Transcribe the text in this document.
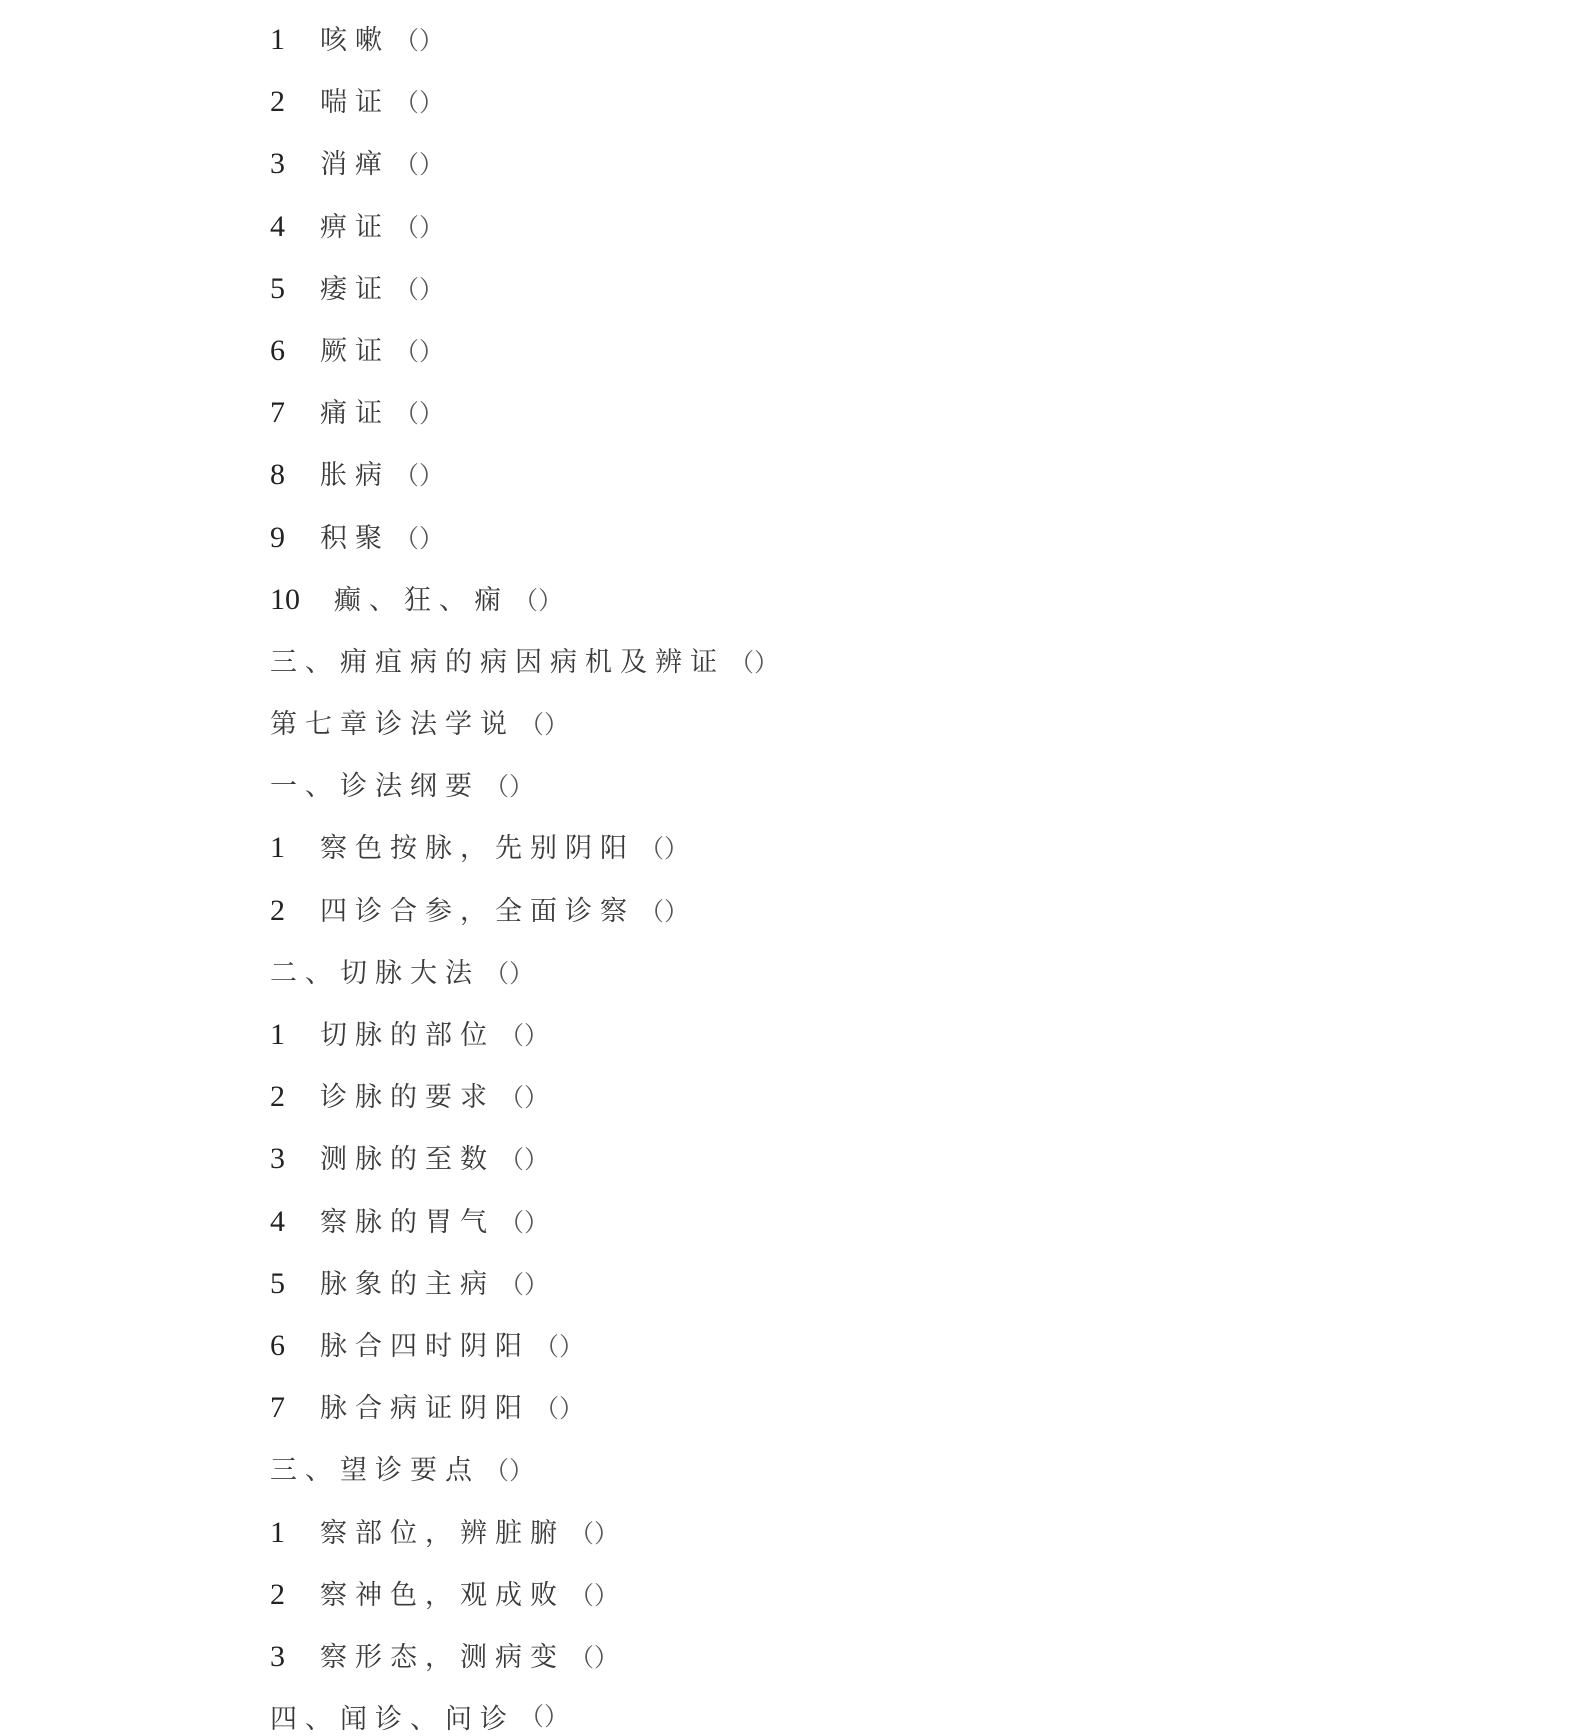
1	咳嗽 （）
2	喘证 （）
3	消瘅 （）
4	痹证 （）
5	痿证 （）
6	厥证 （）
7	痛证 （）
8	胀病 （）
9	积聚 （）
10	癫、狂、痫 （）
三、痈疽病的病因病机及辨证 （）
第七章诊法学说 （）
一、诊法纲要 （）
1	察色按脉，先别阴阳 （）
2	四诊合参，全面诊察 （）
二、切脉大法 （）
1	切脉的部位 （）
2	诊脉的要求 （）
3	测脉的至数 （）
4	察脉的胃气 （）
5	脉象的主病 （）
6	脉合四时阴阳 （）
7	脉合病证阴阳 （）
三、望诊要点 （）
1	察部位，辨脏腑 （）
2	察神色，观成败 （）
3	察形态，测病变 （）
四、闻诊、问诊 （）
